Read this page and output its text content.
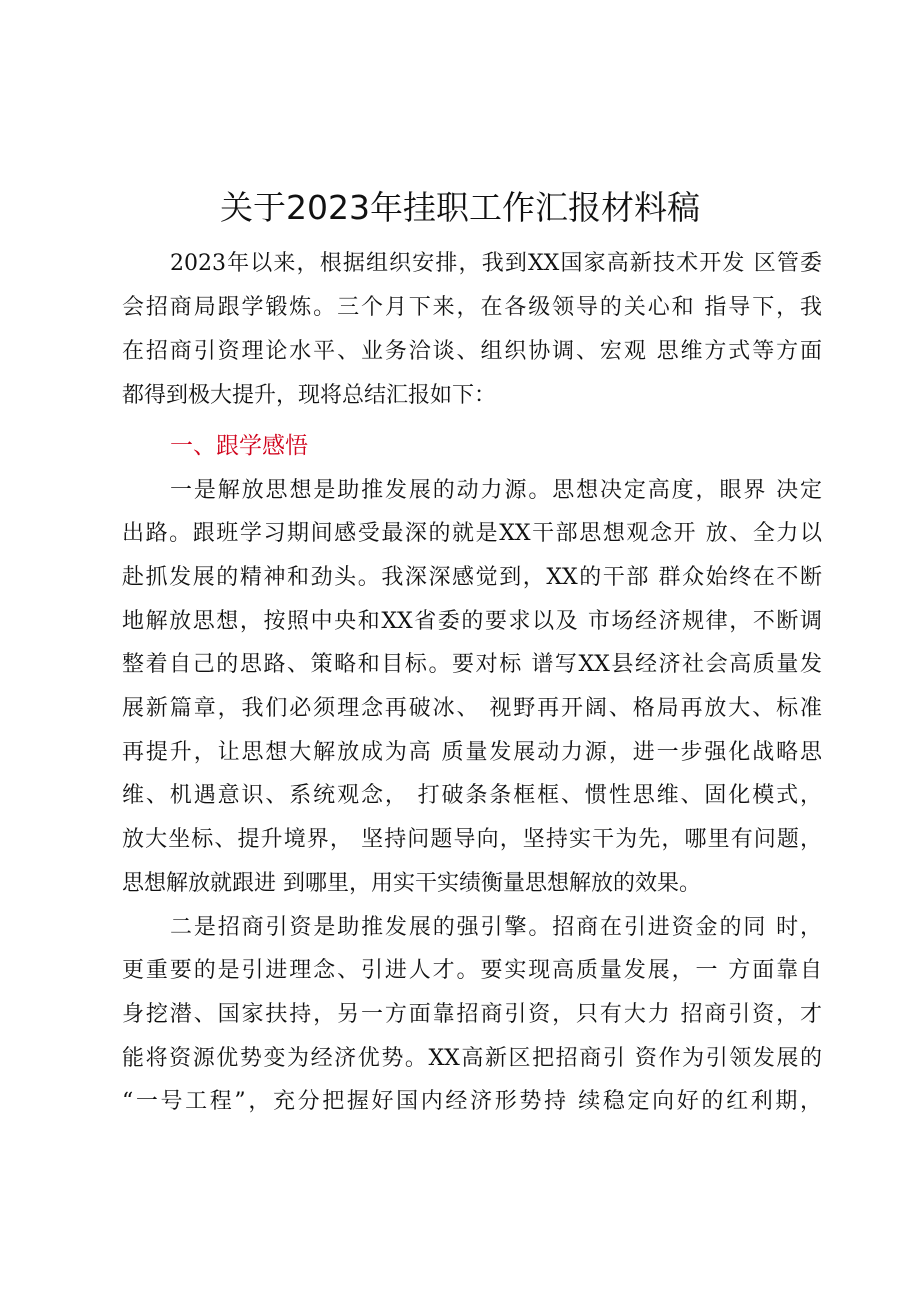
关于2023年挂职工作汇报材料稿
2023年以来，根据组织安排，我到XX国家高新技术开发 区管委
会招商局跟学锻炼。三个月下来，在各级领导的关心和 指导下，我
在招商引资理论水平、业务洽谈、组织协调、宏观 思维方式等方面
都得到极大提升，现将总结汇报如下：
一、跟学感悟
一是解放思想是助推发展的动力源。思想决定高度，眼界 决定
出路。跟班学习期间感受最深的就是XX干部思想观念开 放、全力以
赴抓发展的精神和劲头。我深深感觉到，XX的干部 群众始终在不断
地解放思想，按照中央和XX省委的要求以及 市场经济规律，不断调
整着自己的思路、策略和目标。要对标 谱写XX县经济社会高质量发
展新篇章，我们必须理念再破冰、 视野再开阔、格局再放大、标准
再提升，让思想大解放成为高 质量发展动力源，进一步强化战略思
维、机遇意识、系统观念， 打破条条框框、惯性思维、固化模式，
放大坐标、提升境界， 坚持问题导向，坚持实干为先，哪里有问题，
思想解放就跟进 到哪里，用实干实绩衡量思想解放的效果。
二是招商引资是助推发展的强引擎。招商在引进资金的同 时，
更重要的是引进理念、引进人才。要实现高质量发展，一 方面靠自
身挖潜、国家扶持，另一方面靠招商引资，只有大力 招商引资，才
能将资源优势变为经济优势。XX高新区把招商引 资作为引领发展的
“一号工程”，充分把握好国内经济形势持 续稳定向好的红利期，
